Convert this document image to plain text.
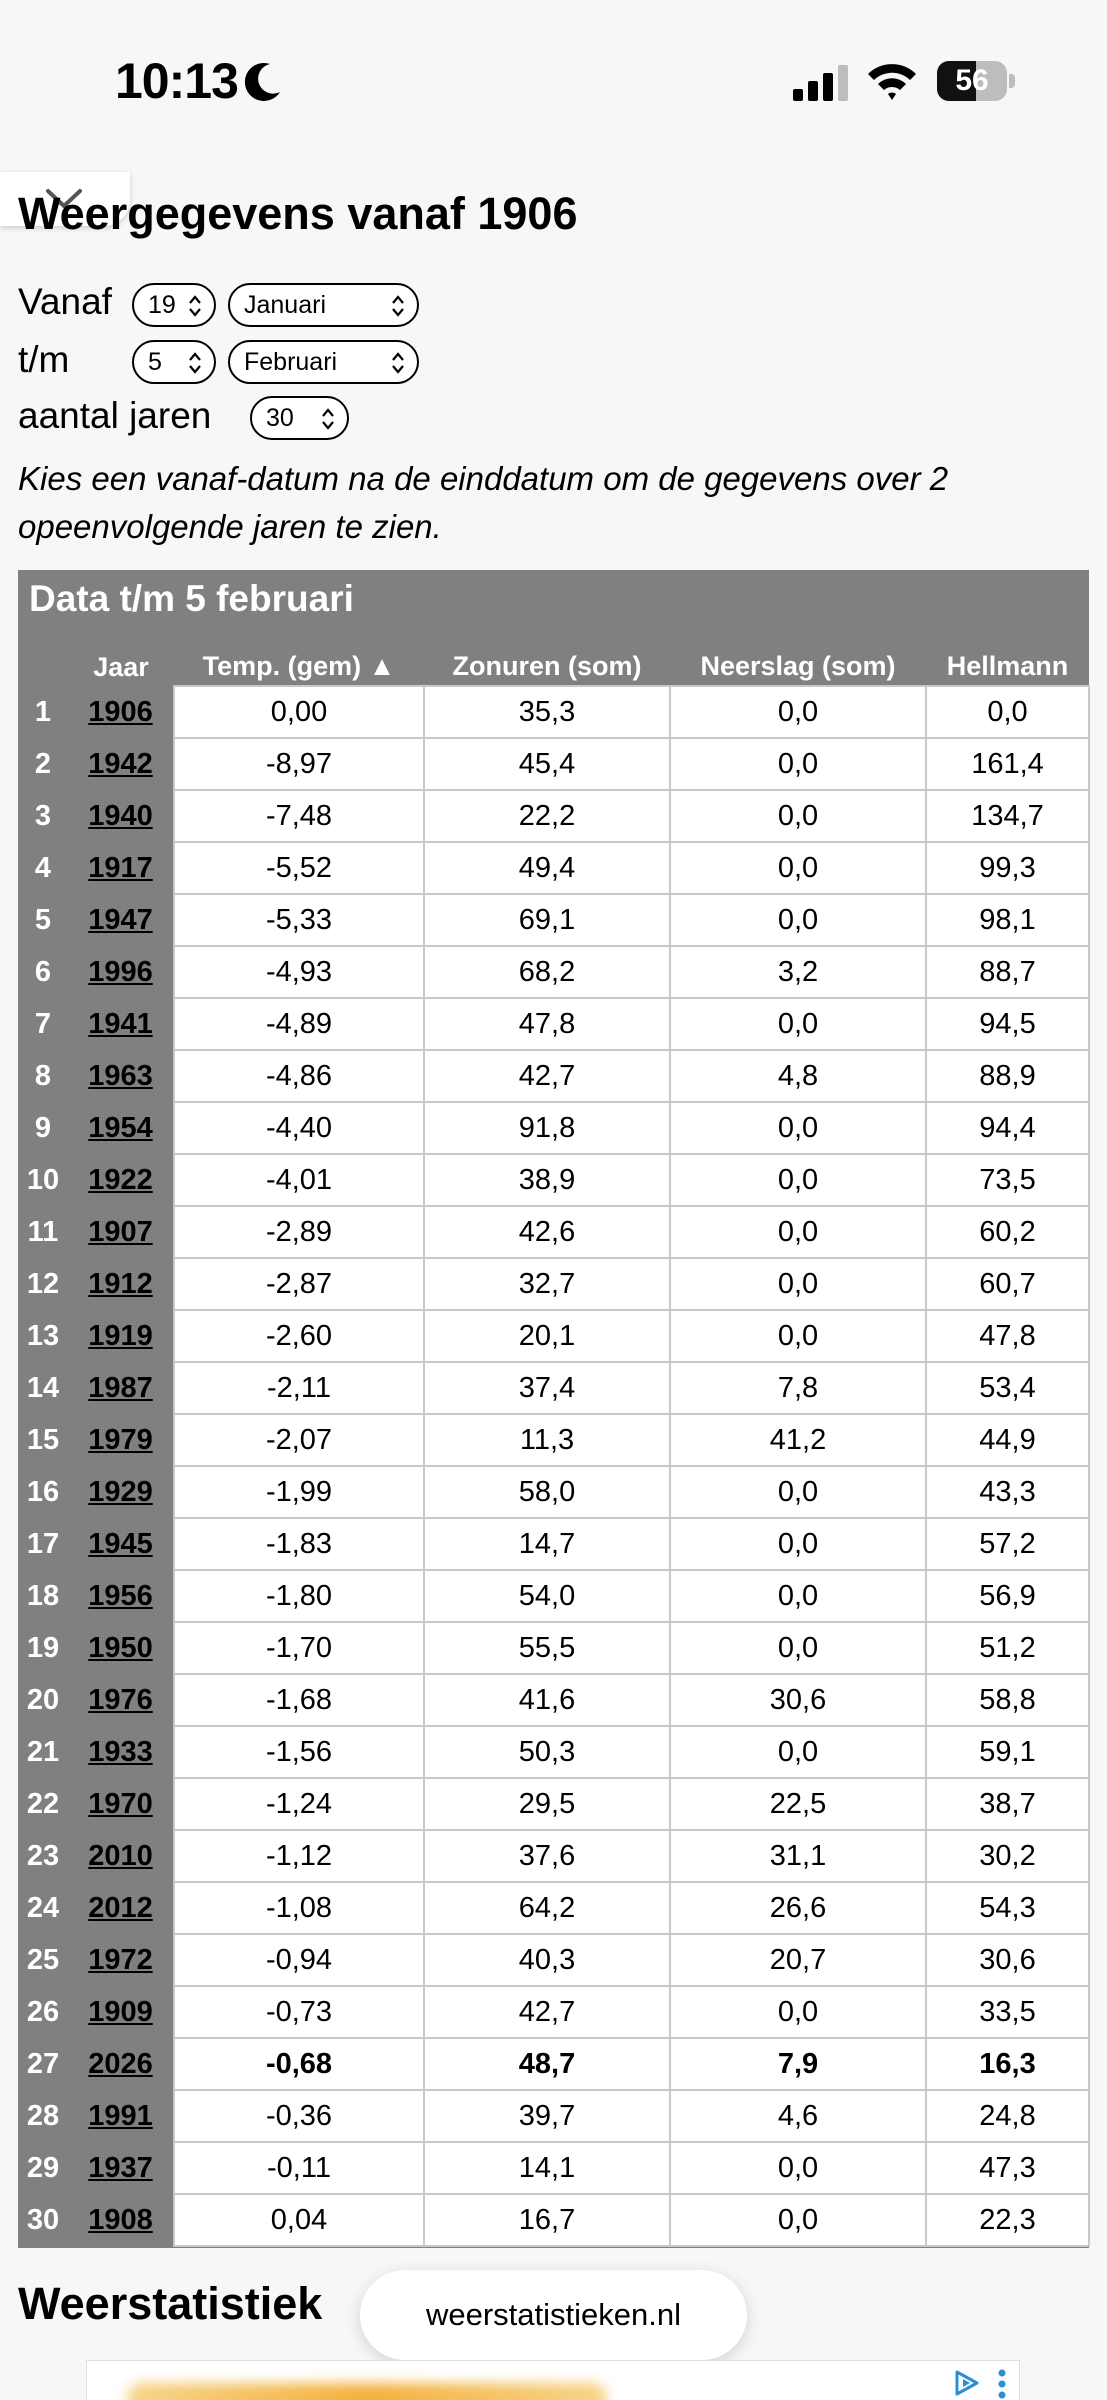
10:13	56
Weergegevens vanaf 1906
Vanaf 19	Januari
t/m	5	Februari
aantal jaren 30

Kies een vanaf-datum na de einddatum om de gegevens over 2 opeenvolgende jaren te zien.

Data t/m 5 februari
	Jaar	Temp. (gem) ▲	Zonuren (som)	Neerslag (som)	Hellmann
1	1906	0,00	35,3	0,0	0,0
2	1942	-8,97	45,4	0,0	161,4
3	1940	-7,48	22,2	0,0	134,7
4	1917	-5,52	49,4	0,0	99,3
5	1947	-5,33	69,1	0,0	98,1
6	1996	-4,93	68,2	3,2	88,7
7	1941	-4,89	47,8	0,0	94,5
8	1963	-4,86	42,7	4,8	88,9
9	1954	-4,40	91,8	0,0	94,4
10	1922	-4,01	38,9	0,0	73,5
11	1907	-2,89	42,6	0,0	60,2
12	1912	-2,87	32,7	0,0	60,7
13	1919	-2,60	20,1	0,0	47,8
14	1987	-2,11	37,4	7,8	53,4
15	1979	-2,07	11,3	41,2	44,9
16	1929	-1,99	58,0	0,0	43,3
17	1945	-1,83	14,7	0,0	57,2
18	1956	-1,80	54,0	0,0	56,9
19	1950	-1,70	55,5	0,0	51,2
20	1976	-1,68	41,6	30,6	58,8
21	1933	-1,56	50,3	0,0	59,1
22	1970	-1,24	29,5	22,5	38,7
23	2010	-1,12	37,6	31,1	30,2
24	2012	-1,08	64,2	26,6	54,3
25	1972	-0,94	40,3	20,7	30,6
26	1909	-0,73	42,7	0,0	33,5
27	2026	-0,68	48,7	7,9	16,3
28	1991	-0,36	39,7	4,6	24,8
29	1937	-0,11	14,1	0,0	47,3
30	1908	0,04	16,7	0,0	22,3
Weerstatistiek	weerstatistieken.nl
